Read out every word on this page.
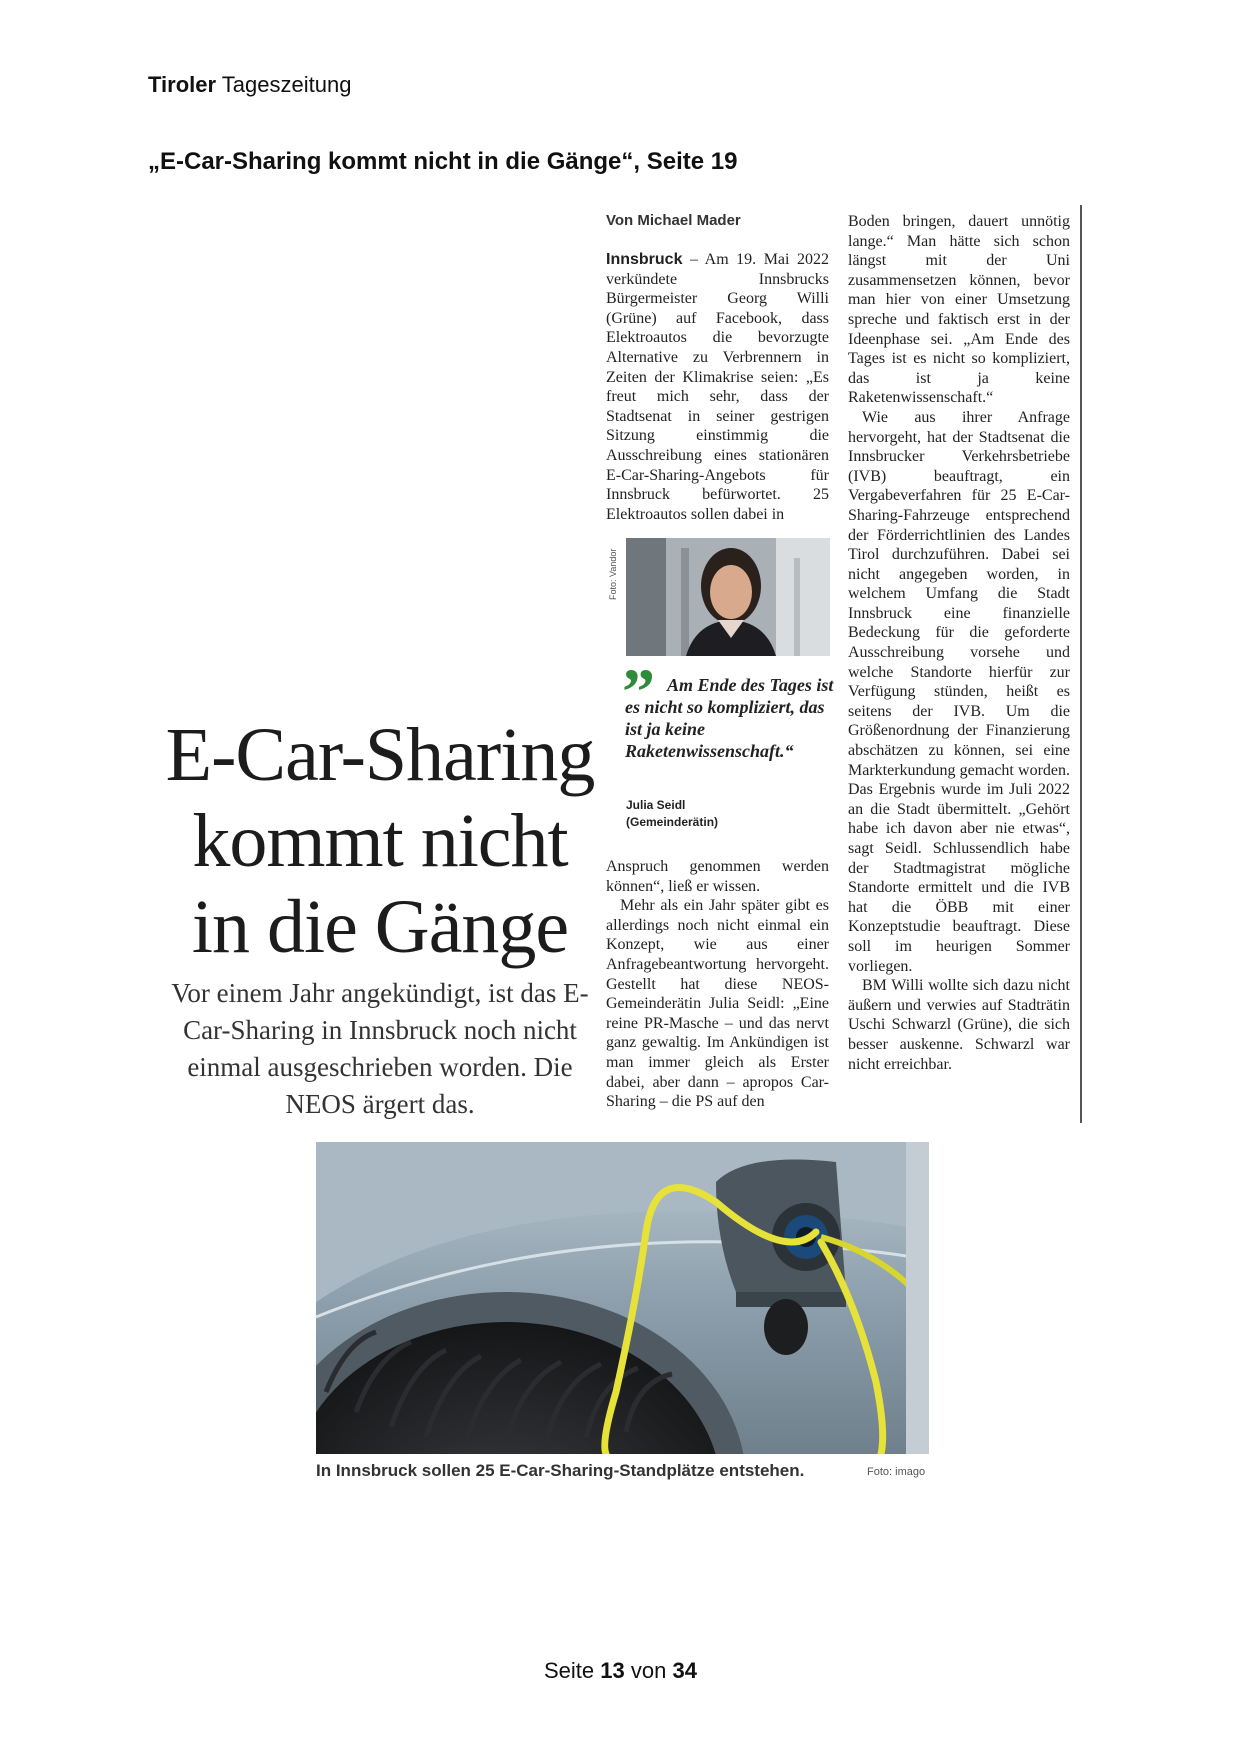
Tiroler Tageszeitung
„E-Car-Sharing kommt nicht in die Gänge“, Seite 19
Von Michael Mader

Innsbruck – Am 19. Mai 2022 verkündete Innsbrucks Bürgermeister Georg Willi (Grüne) auf Facebook, dass Elektroautos die bevorzugte Alternative zu Verbrennern in Zeiten der Klimakrise seien: „Es freut mich sehr, dass der Stadtsenat in seiner gestrigen Sitzung einstimmig die Ausschreibung eines stationären E-Car-Sharing-Angebots für Innsbruck befürwortet. 25 Elektroautos sollen dabei in

Foto: Vandor
” Am Ende des Tages ist es nicht so kompliziert, das ist ja keine Raketenwissenschaft.“
Julia Seidl
(Gemeinderätin)

Anspruch genommen werden können“, ließ er wissen.

Mehr als ein Jahr später gibt es allerdings noch nicht einmal ein Konzept, wie aus einer Anfragebeantwortung hervorgeht. Gestellt hat diese NEOS-Gemeinderätin Julia Seidl: „Eine reine PR-Masche – und das nervt ganz gewaltig. Im Ankündigen ist man immer gleich als Erster dabei, aber dann – apropos Car-Sharing – die PS auf den

Boden bringen, dauert unnötig lange.“ Man hätte sich schon längst mit der Uni zusammensetzen können, bevor man hier von einer Umsetzung spreche und faktisch erst in der Ideenphase sei. „Am Ende des Tages ist es nicht so kompliziert, das ist ja keine Raketenwissenschaft.“

Wie aus ihrer Anfrage hervorgeht, hat der Stadtsenat die Innsbrucker Verkehrsbetriebe (IVB) beauftragt, ein Vergabeverfahren für 25 E-Car-Sharing-Fahrzeuge entsprechend der Förderrichtlinien des Landes Tirol durchzuführen. Dabei sei nicht angegeben worden, in welchem Umfang die Stadt Innsbruck eine finanzielle Bedeckung für die geforderte Ausschreibung vorsehe und welche Standorte hierfür zur Verfügung stünden, heißt es seitens der IVB. Um die Größenordnung der Finanzierung abschätzen zu können, sei eine Markterkundung gemacht worden. Das Ergebnis wurde im Juli 2022 an die Stadt übermittelt. „Gehört habe ich davon aber nie etwas“, sagt Seidl. Schlussendlich habe der Stadtmagistrat mögliche Standorte ermittelt und die IVB hat die ÖBB mit einer Konzeptstudie beauftragt. Diese soll im heurigen Sommer vorliegen.

BM Willi wollte sich dazu nicht äußern und verwies auf Stadträtin Uschi Schwarzl (Grüne), die sich besser auskenne. Schwarzl war nicht erreichbar.

E-Car-Sharing
kommt nicht
in die Gänge
Vor einem Jahr angekündigt, ist das E-Car-Sharing in Innsbruck noch nicht einmal ausgeschrieben worden. Die NEOS ärgert das.
In Innsbruck sollen 25 E-Car-Sharing-Standplätze entstehen.	Foto: imago
Seite 13 von 34
